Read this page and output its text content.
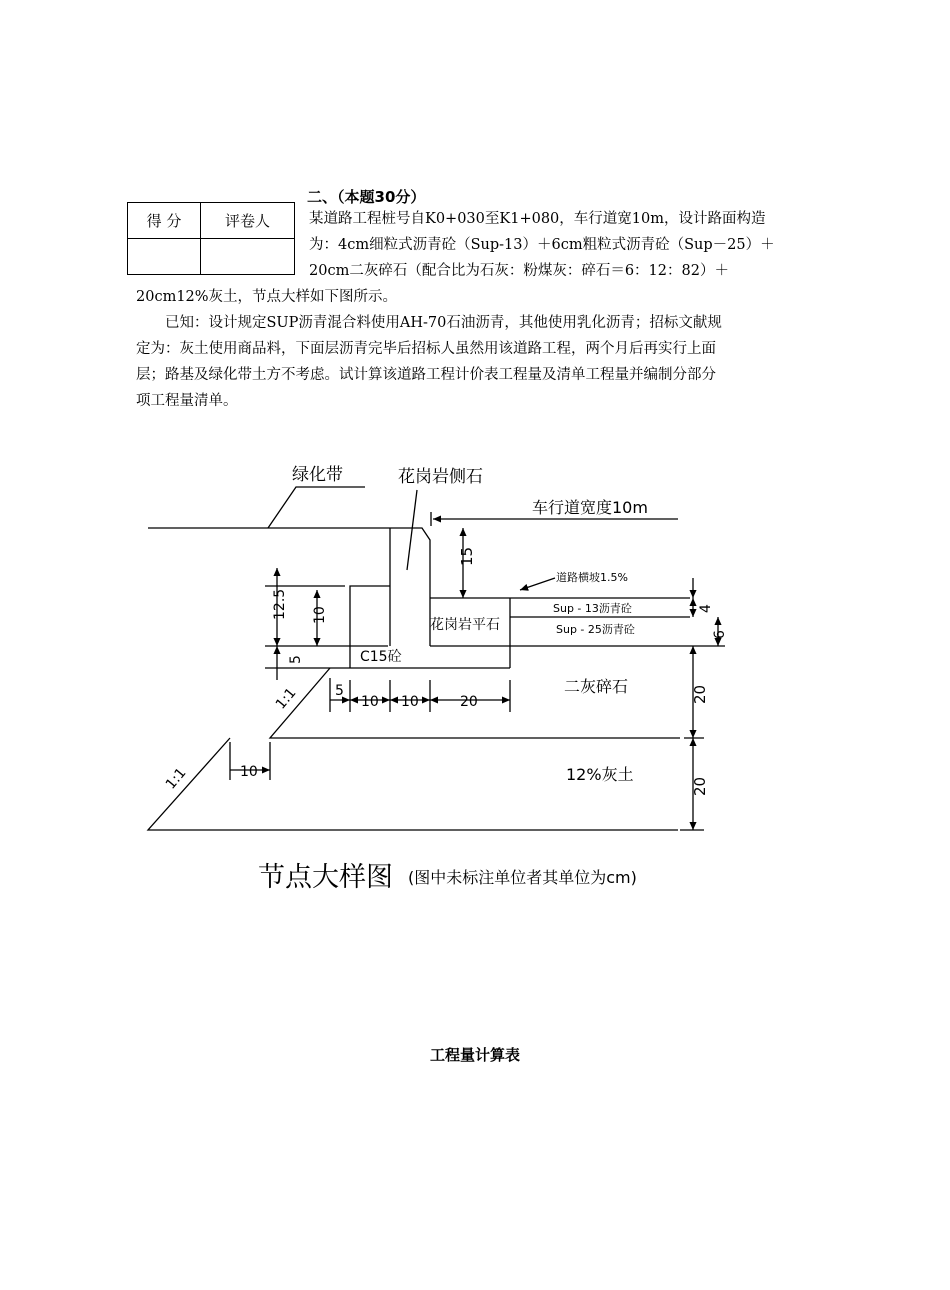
得 分	评卷人

二、（本题30分）
某道路工程桩号自K0+030至K1+080，车行道宽10m，设计路面构造
为：4cm细粒式沥青砼（Sup-13）＋6cm粗粒式沥青砼（Sup－25）＋
20cm二灰碎石（配合比为石灰：粉煤灰：碎石＝6：12：82）＋
20cm12%灰土，节点大样如下图所示。
　　已知：设计规定SUP沥青混合料使用AH-70石油沥青，其他使用乳化沥青；招标文献规
定为：灰土使用商品料，下面层沥青完毕后招标人虽然用该道路工程，两个月后再实行上面
层；路基及绿化带土方不考虑。试计算该道路工程计价表工程量及清单工程量并编制分部分
项工程量清单。
绿化带	花岗岩侧石
车行道宽度10m
15
花岗岩平石
道路横坡1.5%
Sup - 13沥青砼
Sup - 25沥青砼
C15砼
12.5 10
5
4
6
1:1	二灰碎石	20
5
10 10	20
1:1	10	12%灰土
20
节点大样图 (图中未标注单位者其单位为cm)
工程量计算表
